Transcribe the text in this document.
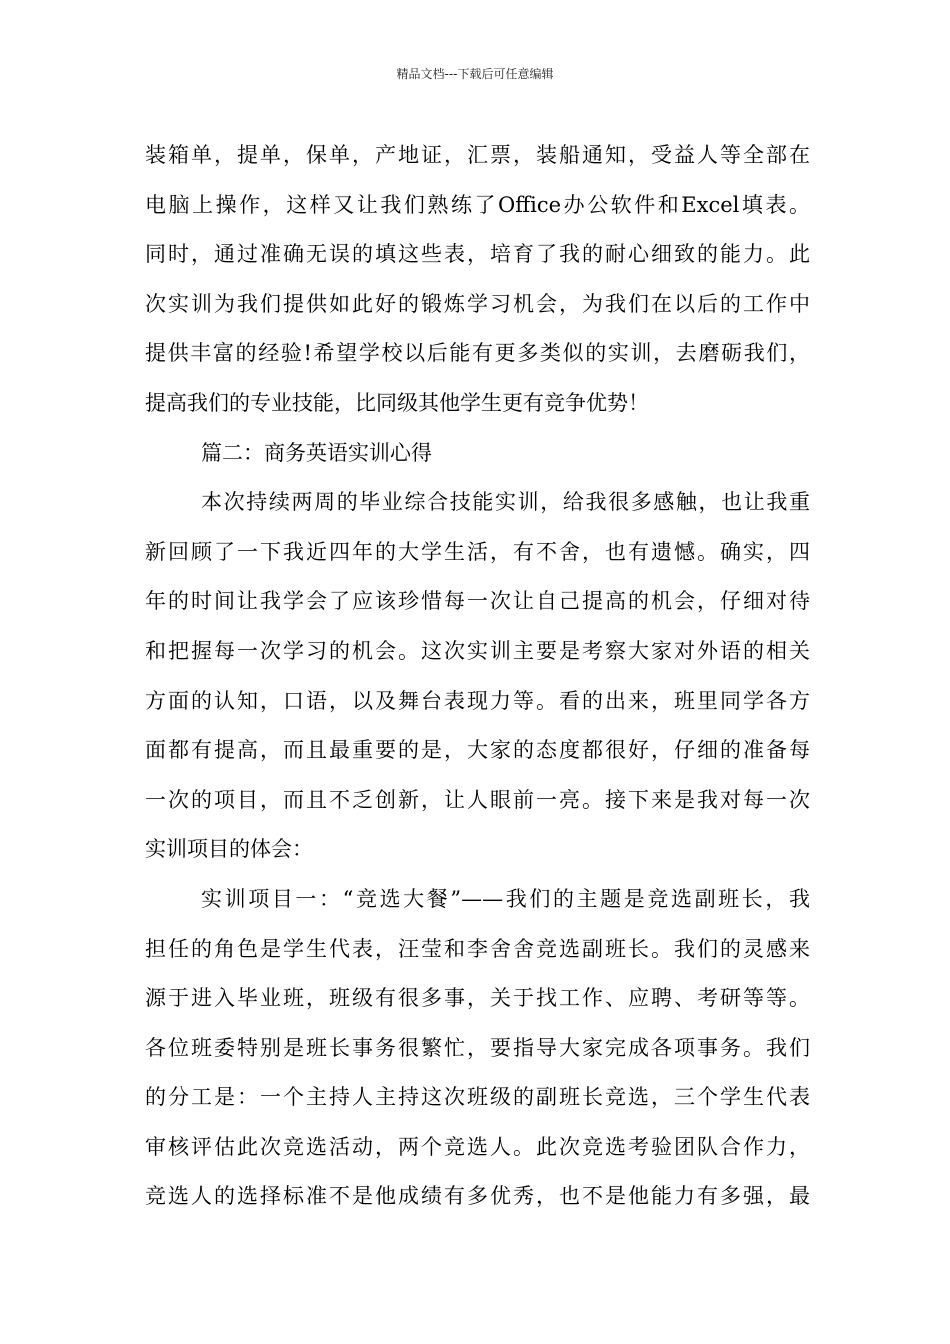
精品文档---下载后可任意编辑
装箱单，提单，保单，产地证，汇票，装船通知，受益人等全部在
电脑上操作，这样又让我们熟练了Office办公软件和Excel填表。
同时，通过准确无误的填这些表，培育了我的耐心细致的能力。此
次实训为我们提供如此好的锻炼学习机会，为我们在以后的工作中
提供丰富的经验!希望学校以后能有更多类似的实训，去磨砺我们，
提高我们的专业技能，比同级其他学生更有竞争优势！
篇二：商务英语实训心得
本次持续两周的毕业综合技能实训，给我很多感触，也让我重
新回顾了一下我近四年的大学生活，有不舍，也有遗憾。确实，四
年的时间让我学会了应该珍惜每一次让自己提高的机会，仔细对待
和把握每一次学习的机会。这次实训主要是考察大家对外语的相关
方面的认知，口语，以及舞台表现力等。看的出来，班里同学各方
面都有提高，而且最重要的是，大家的态度都很好，仔细的准备每
一次的项目，而且不乏创新，让人眼前一亮。接下来是我对每一次
实训项目的体会：
实训项目一：“竞选大餐”——我们的主题是竞选副班长，我
担任的角色是学生代表，汪莹和李舍舍竞选副班长。我们的灵感来
源于进入毕业班，班级有很多事，关于找工作、应聘、考研等等。
各位班委特别是班长事务很繁忙，要指导大家完成各项事务。我们
的分工是：一个主持人主持这次班级的副班长竞选，三个学生代表
审核评估此次竞选活动，两个竞选人。此次竞选考验团队合作力，
竞选人的选择标准不是他成绩有多优秀，也不是他能力有多强，最
